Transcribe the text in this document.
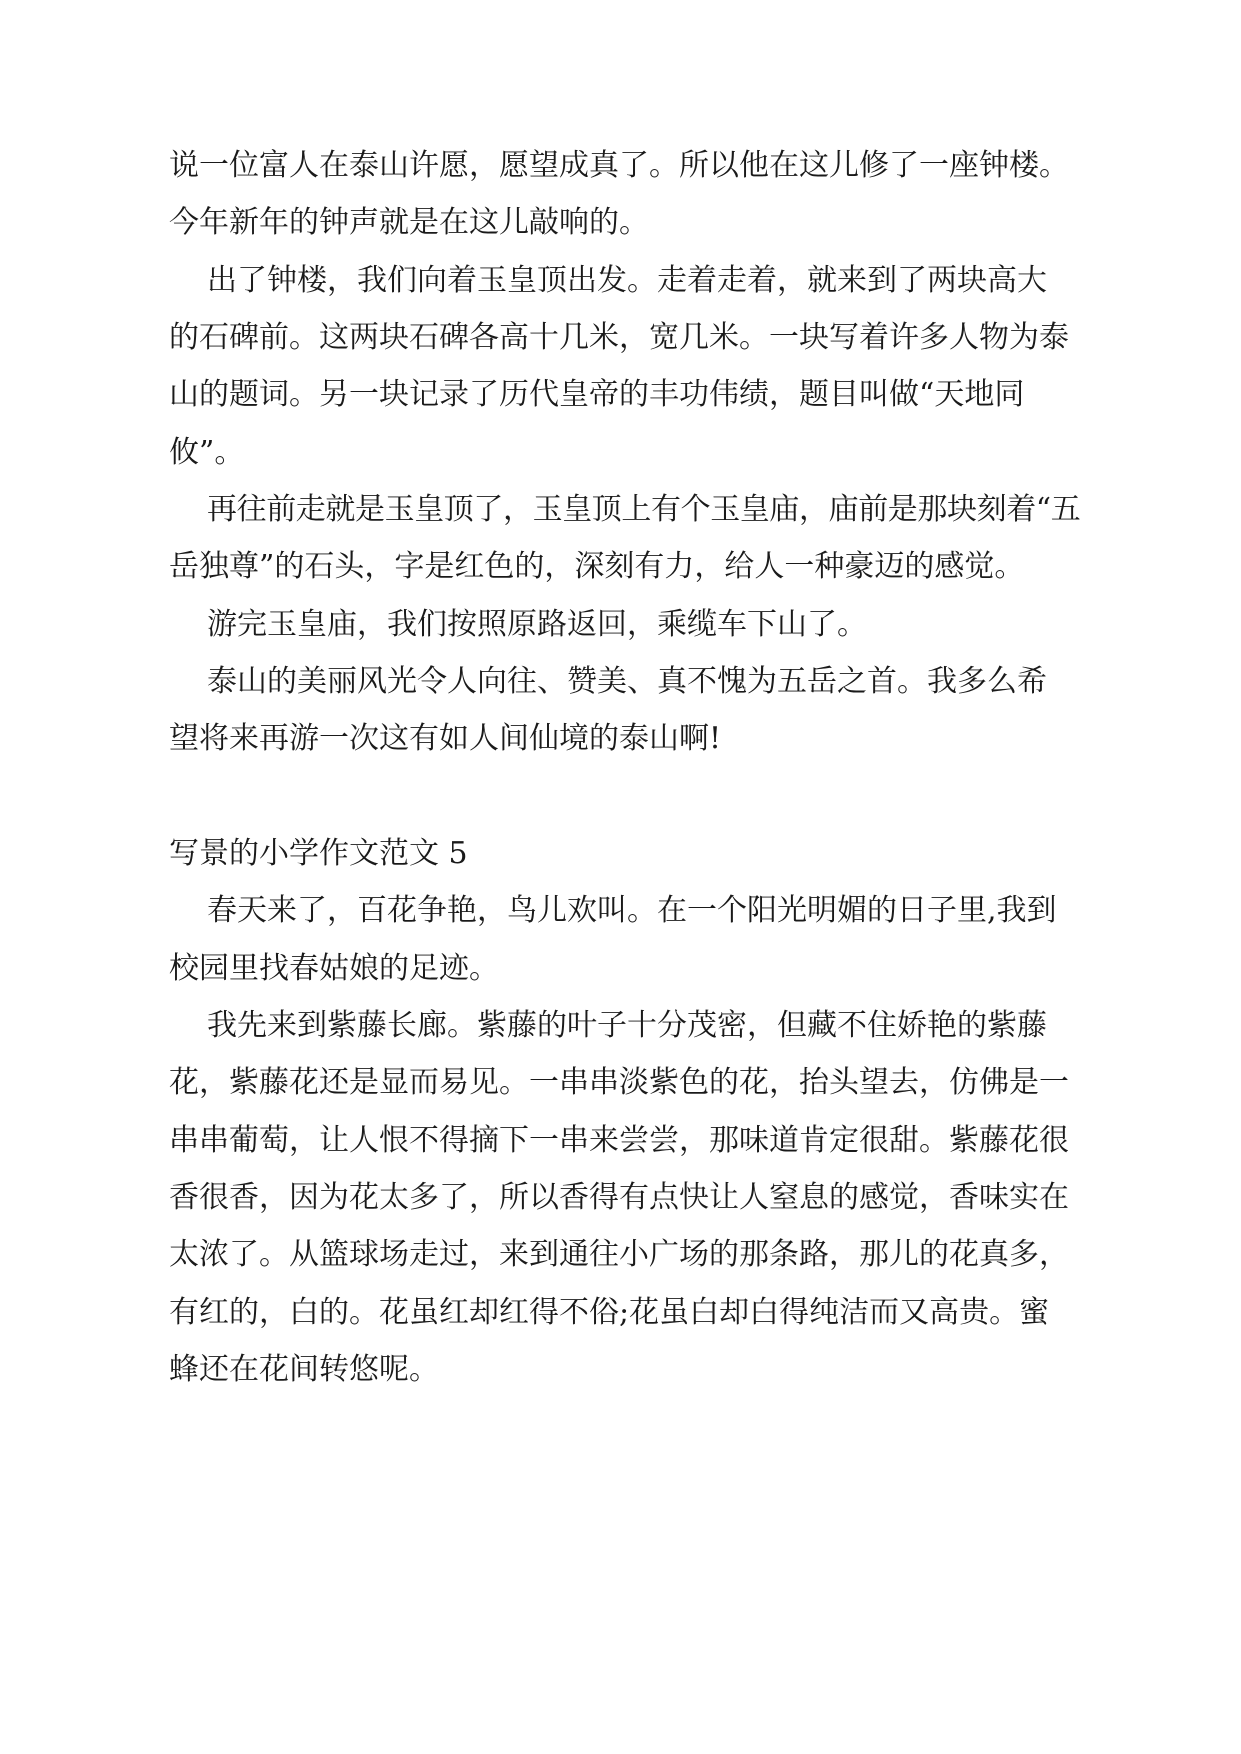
说一位富人在泰山许愿，愿望成真了。所以他在这儿修了一座钟楼。
今年新年的钟声就是在这儿敲响的。
出了钟楼，我们向着玉皇顶出发。走着走着，就来到了两块高大
的石碑前。这两块石碑各高十几米，宽几米。一块写着许多人物为泰
山的题词。另一块记录了历代皇帝的丰功伟绩，题目叫做“天地同
攸”。
再往前走就是玉皇顶了，玉皇顶上有个玉皇庙，庙前是那块刻着“五
岳独尊”的石头，字是红色的，深刻有力，给人一种豪迈的感觉。
游完玉皇庙，我们按照原路返回，乘缆车下山了。
泰山的美丽风光令人向往、赞美、真不愧为五岳之首。我多么希
望将来再游一次这有如人间仙境的泰山啊!
写景的小学作文范文 5
春天来了，百花争艳，鸟儿欢叫。在一个阳光明媚的日子里,我到
校园里找春姑娘的足迹。
我先来到紫藤长廊。紫藤的叶子十分茂密，但藏不住娇艳的紫藤
花，紫藤花还是显而易见。一串串淡紫色的花，抬头望去，仿佛是一
串串葡萄，让人恨不得摘下一串来尝尝，那味道肯定很甜。紫藤花很
香很香，因为花太多了，所以香得有点快让人窒息的感觉，香味实在
太浓了。从篮球场走过，来到通往小广场的那条路，那儿的花真多，
有红的，白的。花虽红却红得不俗;花虽白却白得纯洁而又高贵。蜜
蜂还在花间转悠呢。
